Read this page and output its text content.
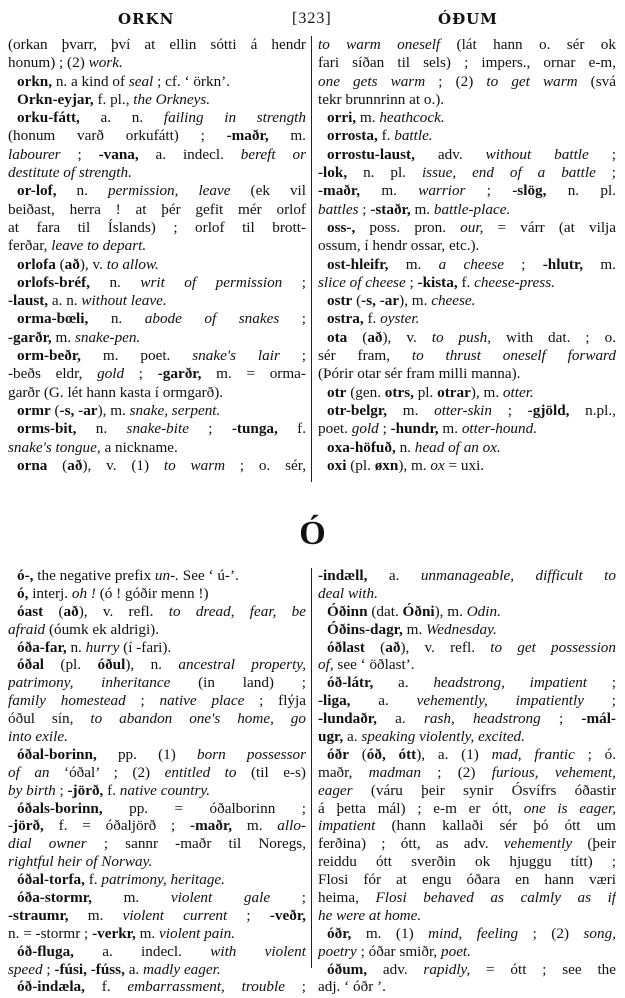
ORKN	[323]	ÓÐUM
(orkan þvarr, því at ellin sótti á hendr
honum) ; (2) work.
orkn, n. a kind of seal ; cf. ‘ örkn’.
Orkn-eyjar, f. pl., the Orkneys.
orku-fátt, a. n. failing in strength
(honum varð orkufátt) ; -maðr, m.
labourer ; -vana, a. indecl. bereft or
destitute of strength.
or-lof, n. permission, leave (ek vil
beiðast, herra ! at þér gefit mér orlof
at fara til Íslands) ; orlof til brott-
ferðar, leave to depart.
orlofa (að), v. to allow.
orlofs-bréf, n. writ of permission ;
-laust, a. n. without leave.
orma-bœli, n. abode of snakes ;
-garðr, m. snake-pen.
orm-beðr, m. poet. snake's lair ;
-beðs eldr, gold ; -garðr, m. = orma-
garðr (G. lét hann kasta í ormgarð).
ormr (-s, -ar), m. snake, serpent.
orms-bit, n. snake-bite ; -tunga, f.
snake's tongue, a nickname.
orna (að), v. (1) to warm ; o. sér,
to warm oneself (lát hann o. sér ok
fari síðan til sels) ; impers., ornar e-m,
one gets warm ; (2) to get warm (svá
tekr brunnrinn at o.).
orri, m. heathcock.
orrosta, f. battle.
orrostu-laust, adv. without battle ;
-lok, n. pl. issue, end of a battle ;
-maðr, m. warrior ; -slög, n. pl.
battles ; -staðr, m. battle-place.
oss-, poss. pron. our, = várr (at vilja
ossum, í hendr ossar, etc.).
ost-hleifr, m. a cheese ; -hlutr, m.
slice of cheese ; -kista, f. cheese-press.
ostr (-s, -ar), m. cheese.
ostra, f. oyster.
ota (að), v. to push, with dat. ; o.
sér fram, to thrust oneself forward
(Þórir otar sér fram milli manna).
otr (gen. otrs, pl. otrar), m. otter.
otr-belgr, m. otter-skin ; -gjöld, n.pl.,
poet. gold ; -hundr, m. otter-hound.
oxa-höfuð, n. head of an ox.
oxi (pl. øxn), m. ox = uxi.
Ó
ó-, the negative prefix un-. See ‘ ú-’.
ó, interj. oh ! (ó ! góðir menn !)
óast (að), v. refl. to dread, fear, be
afraid (óumk ek aldrigi).
óða-far, n. hurry (í -fari).
óðal (pl. óðul), n. ancestral property,
patrimony, inheritance (in land) ;
family homestead ; native place ; flýja
óðul sín, to abandon one's home, go
into exile.
óðal-borinn, pp. (1) born possessor
of an ‘óðal’ ; (2) entitled to (til e-s)
by birth ; -jörð, f. native country.
óðals-borinn, pp. = óðalborinn ;
-jörð, f. = óðaljörð ; -maðr, m. allo-
dial owner ; sannr -maðr til Noregs,
rightful heir of Norway.
óðal-torfa, f. patrimony, heritage.
óða-stormr, m. violent gale ;
-straumr, m. violent current ; -veðr,
n. = -stormr ; -verkr, m. violent pain.
óð-fluga, a. indecl. with violent
speed ; -fúsi, -fúss, a. madly eager.
óð-indæla, f. embarrassment, trouble ;
-indæll, a. unmanageable, difficult to
deal with.
Óðinn (dat. Óðni), m. Odin.
Óðins-dagr, m. Wednesday.
óðlast (að), v. refl. to get possession
of, see ‘ öðlast’.
óð-látr, a. headstrong, impatient ;
-liga, a. vehemently, impatiently ;
-lundaðr, a. rash, headstrong ; -mál-
ugr, a. speaking violently, excited.
óðr (óð, ótt), a. (1) mad, frantic ; ó.
maðr, madman ; (2) furious, vehement,
eager (váru þeir synir Ósvífrs óðastir
á þetta mál) ; e-m er ótt, one is eager,
impatient (hann kallaði sér þó ótt um
ferðina) ; ótt, as adv. vehemently (þeir
reiddu ótt sverðin ok hjuggu títt) ;
Flosi fór at engu óðara en hann væri
heima, Flosi behaved as calmly as if
he were at home.
óðr, m. (1) mind, feeling ; (2) song,
poetry ; óðar smiðr, poet.
óðum, adv. rapidly, = ótt ; see the
adj. ‘ óðr ’.
